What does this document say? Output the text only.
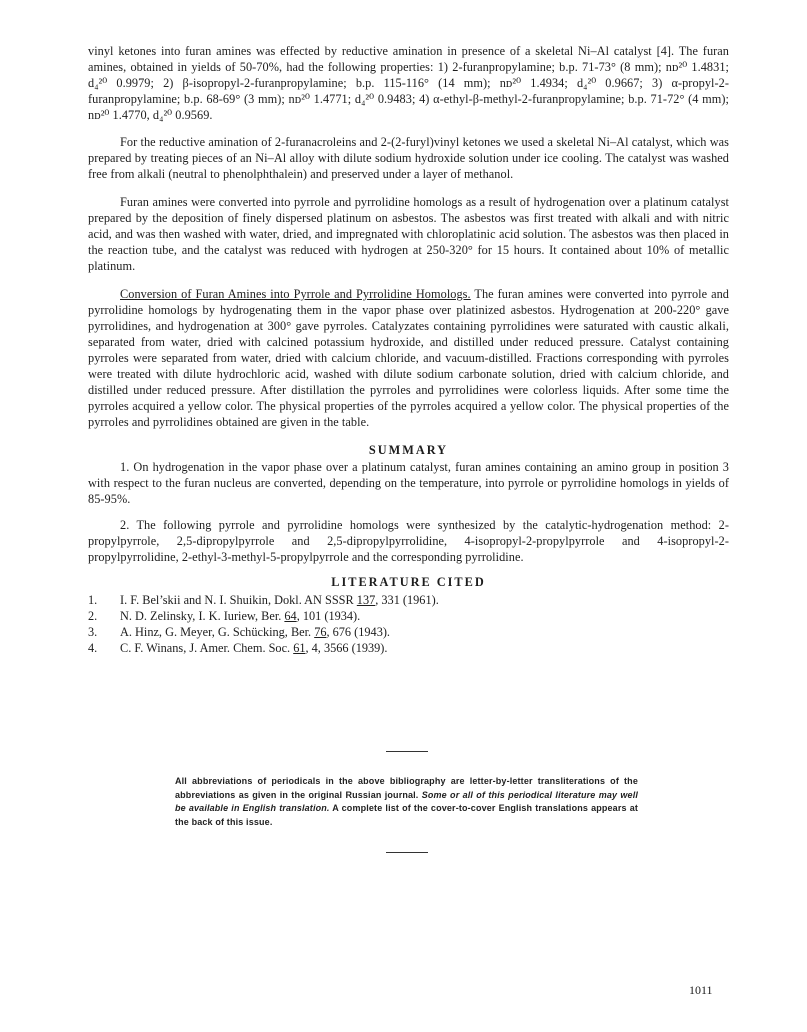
vinyl ketones into furan amines was effected by reductive amination in presence of a skeletal Ni–Al catalyst [4]. The furan amines, obtained in yields of 50-70%, had the following properties: 1) 2-furanpropylamine; b.p. 71-73° (8 mm); nᴅ²⁰ 1.4831; d₄²⁰ 0.9979; 2) β-isopropyl-2-furanpropylamine; b.p. 115-116° (14 mm); nᴅ²⁰ 1.4934; d₄²⁰ 0.9667; 3) α-propyl-2-furanpropylamine; b.p. 68-69° (3 mm); nᴅ²⁰ 1.4771; d₄²⁰ 0.9483; 4) α-ethyl-β-methyl-2-furanpropylamine; b.p. 71-72° (4 mm); nᴅ²⁰ 1.4770, d₄²⁰ 0.9569.

For the reductive amination of 2-furanacroleins and 2-(2-furyl)vinyl ketones we used a skeletal Ni–Al catalyst, which was prepared by treating pieces of an Ni–Al alloy with dilute sodium hydroxide solution under ice cooling. The catalyst was washed free from alkali (neutral to phenolphthalein) and preserved under a layer of methanol.

Furan amines were converted into pyrrole and pyrrolidine homologs as a result of hydrogenation over a platinum catalyst prepared by the deposition of finely dispersed platinum on asbestos. The asbestos was first treated with alkali and with nitric acid, and was then washed with water, dried, and impregnated with chloroplatinic acid solution. The asbestos was then placed in the reaction tube, and the catalyst was reduced with hydrogen at 250-320° for 15 hours. It contained about 10% of metallic platinum.

Conversion of Furan Amines into Pyrrole and Pyrrolidine Homologs. The furan amines were converted into pyrrole and pyrrolidine homologs by hydrogenating them in the vapor phase over platinized asbestos. Hydrogenation at 200-220° gave pyrrolidines, and hydrogenation at 300° gave pyrroles. Catalyzates containing pyrrolidines were saturated with caustic alkali, separated from water, dried with calcined potassium hydroxide, and distilled under reduced pressure. Catalyst containing pyrroles were separated from water, dried with calcium chloride, and vacuum-distilled. Fractions corresponding with pyrroles were treated with dilute hydrochloric acid, washed with dilute sodium carbonate solution, dried with calcium chloride, and distilled under reduced pressure. After distillation the pyrroles and pyrrolidines were colorless liquids. After some time the pyrroles acquired a yellow color. The physical properties of the pyrroles acquired a yellow color. The physical properties of the pyrroles and pyrrolidines obtained are given in the table.

SUMMARY

1. On hydrogenation in the vapor phase over a platinum catalyst, furan amines containing an amino group in position 3 with respect to the furan nucleus are converted, depending on the temperature, into pyrrole or pyrrolidine homologs in yields of 85-95%.

2. The following pyrrole and pyrrolidine homologs were synthesized by the catalytic-hydrogenation method: 2-propylpyrrole, 2,5-dipropylpyrrole and 2,5-dipropylpyrrolidine, 4-isopropyl-2-propylpyrrole and 4-isopropyl-2-propylpyrrolidine, 2-ethyl-3-methyl-5-propylpyrrole and the corresponding pyrrolidine.

LITERATURE CITED
1.	I. F. Bel’skii and N. I. Shuikin, Dokl. AN SSSR 137, 331 (1961).
2.	N. D. Zelinsky, I. K. Iuriew, Ber. 64, 101 (1934).
3.	A. Hinz, G. Meyer, G. Schücking, Ber. 76, 676 (1943).
4.	C. F. Winans, J. Amer. Chem. Soc. 61, 4, 3566 (1939).
All abbreviations of periodicals in the above bibliography are letter-by-letter transliterations of the abbreviations as given in the original Russian journal. Some or all of this periodical literature may well be available in English translation. A complete list of the cover-to-cover English translations appears at the back of this issue.
1011
